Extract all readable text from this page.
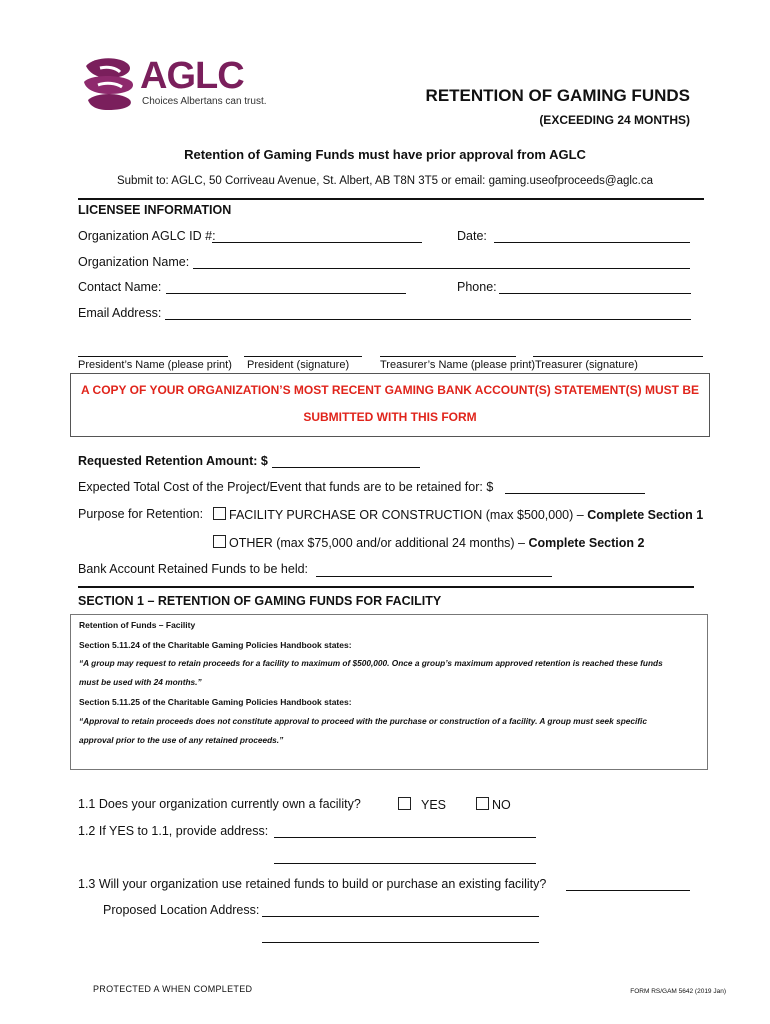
AGLC
Choices Albertans can trust.	RETENTION OF GAMING FUNDS
(EXCEEDING 24 MONTHS)
Retention of Gaming Funds must have prior approval from AGLC
Submit to: AGLC, 50 Corriveau Avenue, St. Albert, AB T8N 3T5 or email: gaming.useofproceeds@aglc.ca
LICENSEE INFORMATION
Organization AGLC ID #:	Date:
Organization Name:
Contact Name:	Phone:
Email Address:
President’s Name (please print) President (signature)	Treasurer’s Name (please print) Treasurer (signature)
A COPY OF YOUR ORGANIZATION’S MOST RECENT GAMING BANK ACCOUNT(S) STATEMENT(S) MUST BE
SUBMITTED WITH THIS FORM
Requested Retention Amount: $
Expected Total Cost of the Project/Event that funds are to be retained for: $
Purpose for Retention:	FACILITY PURCHASE OR CONSTRUCTION (max $500,000) – Complete Section 1
OTHER (max $75,000 and/or additional 24 months) – Complete Section 2
Bank Account Retained Funds to be held:
SECTION 1 – RETENTION OF GAMING FUNDS FOR FACILITY
Retention of Funds – Facility
Section 5.11.24 of the Charitable Gaming Policies Handbook states:
“A group may request to retain proceeds for a facility to maximum of $500,000. Once a group’s maximum approved retention is reached these funds
must be used with 24 months.”
Section 5.11.25 of the Charitable Gaming Policies Handbook states:
“Approval to retain proceeds does not constitute approval to proceed with the purchase or construction of a facility. A group must seek specific
approval prior to the use of any retained proceeds.”
1.1 Does your organization currently own a facility?	YES	NO
1.2 If YES to 1.1, provide address:
1.3 Will your organization use retained funds to build or purchase an existing facility?
Proposed Location Address:
PROTECTED A WHEN COMPLETED	FORM RS/GAM 5642 (2019 Jan)
